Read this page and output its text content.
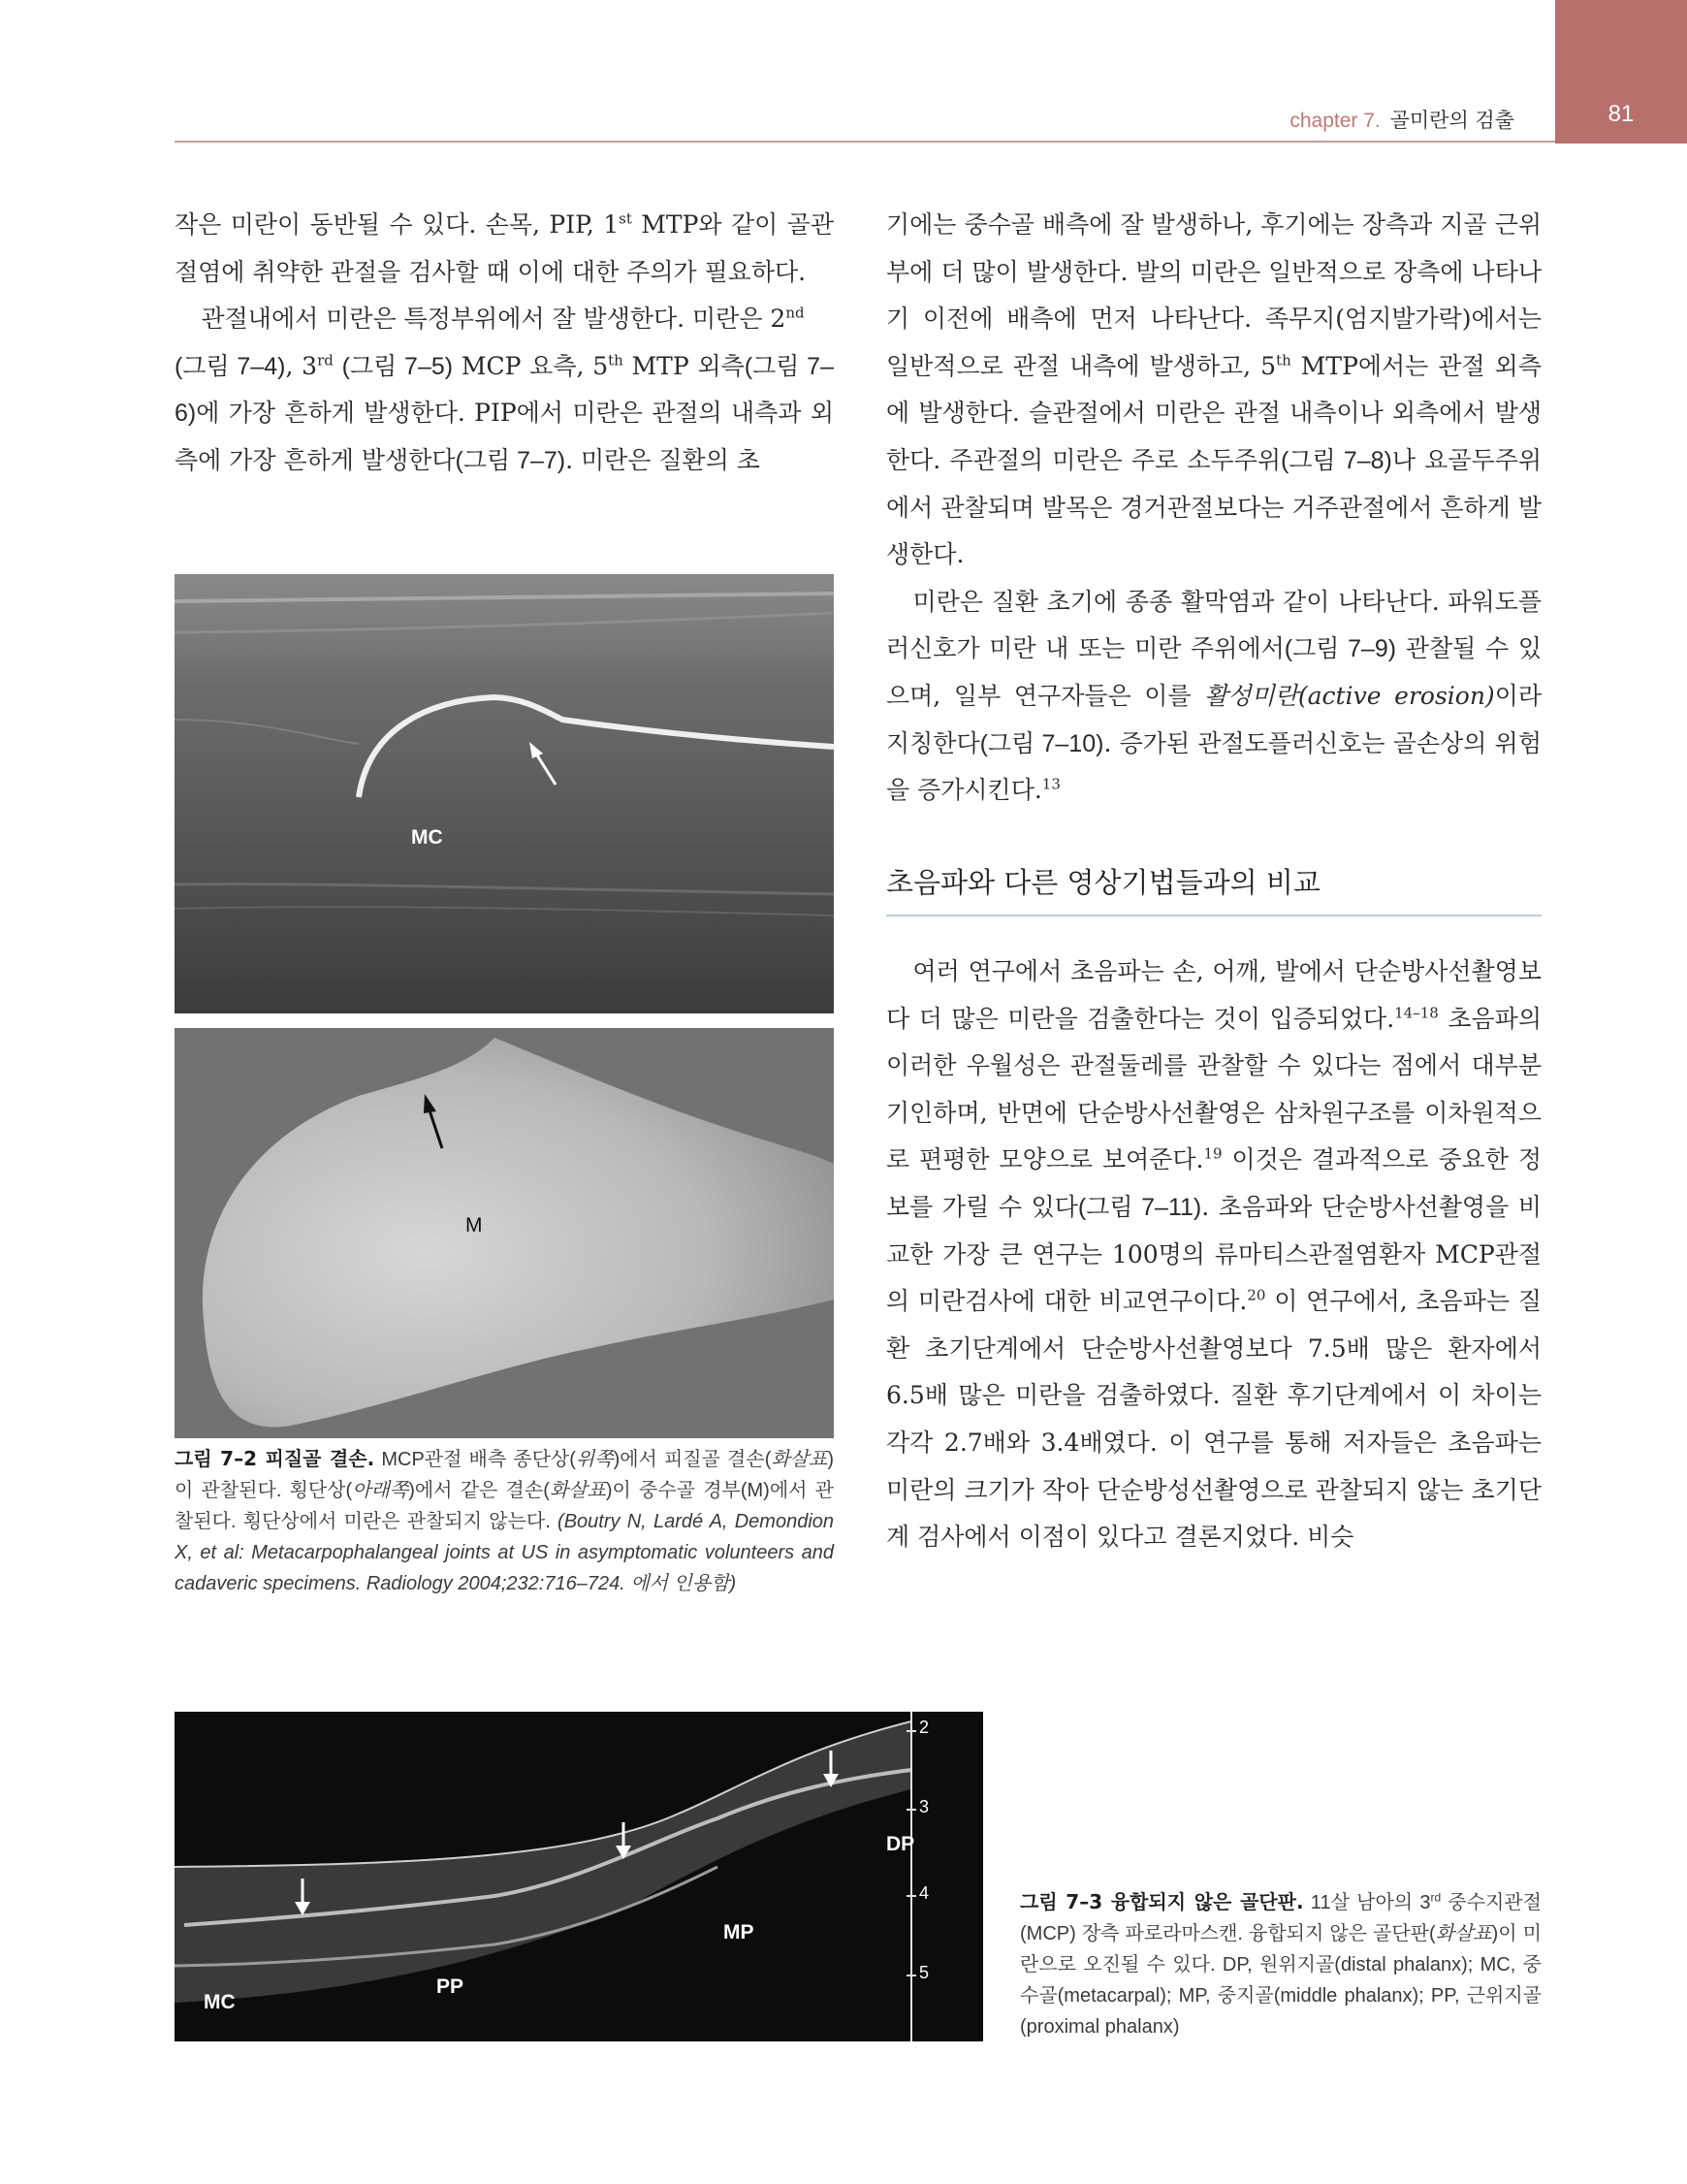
81
chapter 7. 골미란의 검출

작은 미란이 동반될 수 있다. 손목, PIP, 1st MTP와 같이 골관절염에 취약한 관절을 검사할 때 이에 대한 주의가 필요하다.

관절내에서 미란은 특정부위에서 잘 발생한다. 미란은 2nd
(그림 7–4), 3rd (그림 7–5) MCP 요측, 5th MTP 외측(그림 7–6)에 가장 흔하게 발생한다. PIP에서 미란은 관절의 내측과 외측에 가장 흔하게 발생한다(그림 7–7). 미란은 질환의 초

기에는 중수골 배측에 잘 발생하나, 후기에는 장측과 지골 근위부에 더 많이 발생한다. 발의 미란은 일반적으로 장측에 나타나기 이전에 배측에 먼저 나타난다. 족무지(엄지발가락)에서는 일반적으로 관절 내측에 발생하고, 5th MTP에서는 관절 외측에 발생한다. 슬관절에서 미란은 관절 내측이나 외측에서 발생한다. 주관절의 미란은 주로 소두주위(그림 7–8)나 요골두주위에서 관찰되며 발목은 경거관절보다는 거주관절에서 흔하게 발생한다.

미란은 질환 초기에 종종 활막염과 같이 나타난다. 파워도플러신호가 미란 내 또는 미란 주위에서(그림 7–9) 관찰될 수 있으며, 일부 연구자들은 이를 활성미란(active erosion)이라 지칭한다(그림 7–10). 증가된 관절도플러신호는 골손상의 위험을 증가시킨다.$^{13}$

초음파와 다른 영상기법들과의 비교

여러 연구에서 초음파는 손, 어깨, 발에서 단순방사선촬영보다 더 많은 미란을 검출한다는 것이 입증되었다.$^{14-18}$ 초음파의 이러한 우월성은 관절둘레를 관찰할 수 있다는 점에서 대부분 기인하며, 반면에 단순방사선촬영은 삼차원구조를 이차원적으로 편평한 모양으로 보여준다.$^{19}$ 이것은 결과적으로 중요한 정보를 가릴 수 있다(그림 7–11). 초음파와 단순방사선촬영을 비교한 가장 큰 연구는 100명의 류마티스관절염환자 MCP관절의 미란검사에 대한 비교연구이다.$^{20}$ 이 연구에서, 초음파는 질환 초기단계에서 단순방사선촬영보다 7.5배 많은 환자에서 6.5배 많은 미란을 검출하였다. 질환 후기단계에서 이 차이는 각각 2.7배와 3.4배였다. 이 연구를 통해 저자들은 초음파는 미란의 크기가 작아 단순방성선촬영으로 관찰되지 않는 초기단계 검사에서 이점이 있다고 결론지었다. 비슷

MC
M
그림 7–2 피질골 결손. MCP관절 배측 종단상(위쪽)에서 피질골 결손(화살표)이 관찰된다. 횡단상(아래쪽)에서 같은 결손(화살표)이 중수골 경부(M)에서 관찰된다. 횡단상에서 미란은 관찰되지 않는다. (Boutry N, Lardé A, Demondion X, et al: Metacarpophalangeal joints at US in asymptomatic volunteers and cadaveric specimens. Radiology 2004;232:716–724. 에서 인용함)
MC
PP
MP
DP
2
3
4
5
그림 7–3 융합되지 않은 골단판. 11살 남아의 3rd 중수지관절(MCP) 장측 파로라마스캔. 융합되지 않은 골단판(화살표)이 미란으로 오진될 수 있다. DP, 원위지골(distal phalanx); MC, 중수골(metacarpal); MP, 중지골(middle phalanx); PP, 근위지골(proximal phalanx)
